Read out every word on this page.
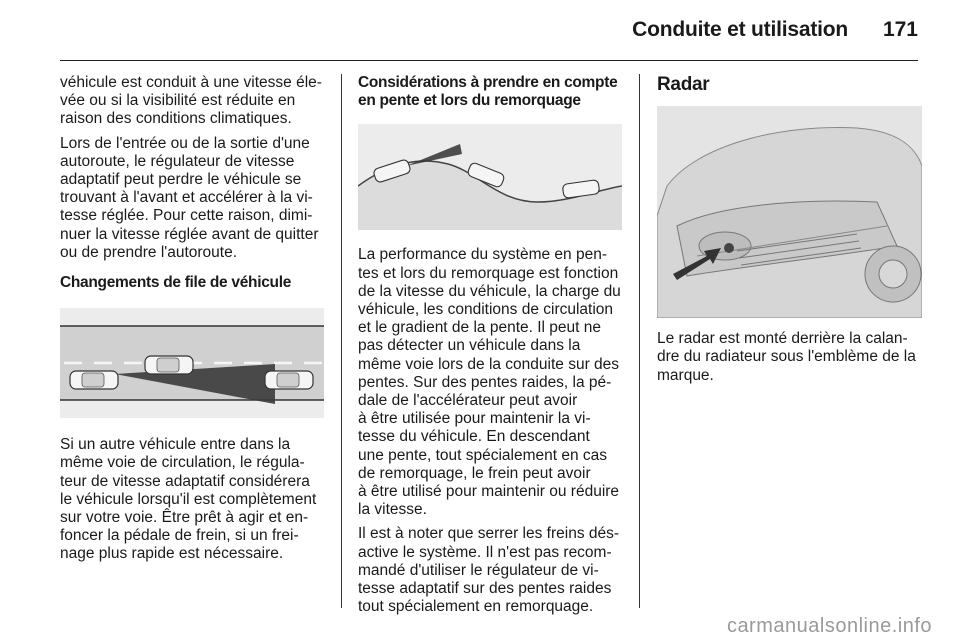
Conduite et utilisation 171

véhicule est conduit à une vitesse éle-
vée ou si la visibilité est réduite en
raison des conditions climatiques.

Lors de l'entrée ou de la sortie d'une
autoroute, le régulateur de vitesse
adaptatif peut perdre le véhicule se
trouvant à l'avant et accélérer à la vi-
tesse réglée. Pour cette raison, dimi-
nuer la vitesse réglée avant de quitter
ou de prendre l'autoroute.

Changements de file de véhicule

Si un autre véhicule entre dans la
même voie de circulation, le régula-
teur de vitesse adaptatif considérera
le véhicule lorsqu'il est complètement
sur votre voie. Être prêt à agir et en-
foncer la pédale de frein, si un frei-
nage plus rapide est nécessaire.

Considérations à prendre en compte
en pente et lors du remorquage

La performance du système en pen-
tes et lors du remorquage est fonction
de la vitesse du véhicule, la charge du
véhicule, les conditions de circulation
et le gradient de la pente. Il peut ne
pas détecter un véhicule dans la
même voie lors de la conduite sur des
pentes. Sur des pentes raides, la pé-
dale de l'accélérateur peut avoir
à être utilisée pour maintenir la vi-
tesse du véhicule. En descendant
une pente, tout spécialement en cas
de remorquage, le frein peut avoir
à être utilisé pour maintenir ou réduire
la vitesse.

Il est à noter que serrer les freins dés-
active le système. Il n'est pas recom-
mandé d'utiliser le régulateur de vi-
tesse adaptatif sur des pentes raides
tout spécialement en remorquage.

Radar

Le radar est monté derrière la calan-
dre du radiateur sous l'emblème de la
marque.

carmanualsonline.info
